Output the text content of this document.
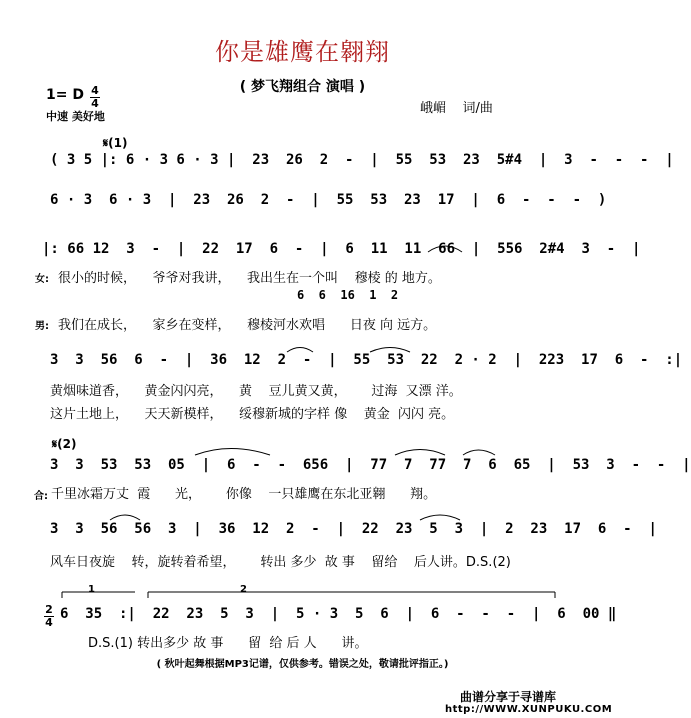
你是雄鹰在翱翔
( 梦飞翔组合 演唱 )
1= D 4
4
中速 美好地
峨嵋    词/曲
𝄋(1)
( 3 5 |: 6 · 3 6 · 3 |  23  26  2  -  |  55  53  23  5#4  |  3  -  -  -  |
6 · 3  6 · 3  |  23  26  2  -  |  55  53  23  17  |  6  -  -  -  )
|: 66 12  3  -  |  22  17  6  -  |  6  11  11  66  |  556  2#4  3  -  |
女: 很小的时候，    爷爷对我讲，    我出生在一个叫    穆棱 的 地方。
6  6  16  1  2
男: 我们在成长，    家乡在变样，    穆棱河水欢唱      日夜 向 远方。
3  3  56  6  -  |  36  12  2  -  |  55  53  22  2 · 2  |  223  17  6  -  :|
黄烟味道香，    黄金闪闪亮，    黄    豆儿黄又黄，      过海  又漂 洋。
这片土地上，    天天新模样，    绥穆新城的字样 像    黄金  闪闪 亮。
𝄋(2)
3  3  53  53  05  |  6  -  -  656  |  77  7  77  7  6  65  |  53  3  -  -  |
合: 千里冰霜万丈  霞      光，      你像    一只雄鹰在东北亚翱      翔。
3  3  56  56  3  |  36  12  2  -  |  22  23  5  3  |  2  23  17  6  -  |
风车日夜旋    转，旋转着希望，      转出 多少  故 事    留给    后人讲。D.S.(2)
2
4
6  35  :|  22  23  5  3  |  5 · 3  5  6  |  6  -  -  -  |  6  00 ‖
1	2
D.S.(1) 转出多少 故 事      留  给 后 人      讲。
( 秋叶起舞根据MP3记谱，仅供参考。错误之处，敬请批评指正。)
曲谱分享于寻谱库
http://WWW.XUNPUKU.COM
